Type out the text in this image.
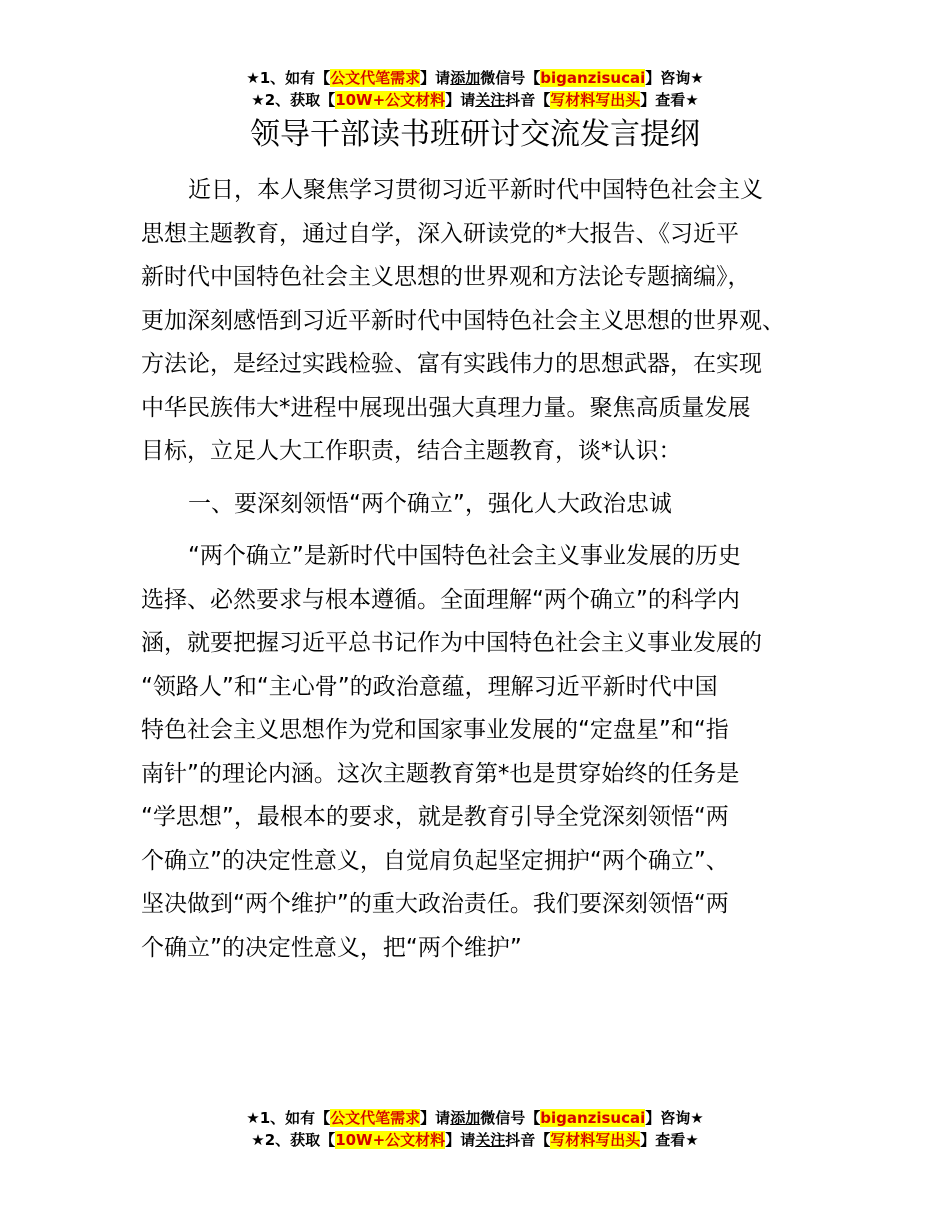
★1、如有【公文代笔需求】请添加微信号【biganzisucai】咨询★
★2、获取【10W+公文材料】请关注抖音【写材料写出头】查看★
领导干部读书班研讨交流发言提纲
近日，本人聚焦学习贯彻习近平新时代中国特色社会主义
思想主题教育，通过自学，深入研读党的*大报告、《习近平
新时代中国特色社会主义思想的世界观和方法论专题摘编》，
更加深刻感悟到习近平新时代中国特色社会主义思想的世界观、
方法论，是经过实践检验、富有实践伟力的思想武器，在实现
中华民族伟大*进程中展现出强大真理力量。聚焦高质量发展
目标，立足人大工作职责，结合主题教育，谈*认识：
一、要深刻领悟“两个确立”，强化人大政治忠诚
“两个确立”是新时代中国特色社会主义事业发展的历史
选择、必然要求与根本遵循。全面理解“两个确立”的科学内
涵，就要把握习近平总书记作为中国特色社会主义事业发展的
“领路人”和“主心骨”的政治意蕴，理解习近平新时代中国
特色社会主义思想作为党和国家事业发展的“定盘星”和“指
南针”的理论内涵。这次主题教育第*也是贯穿始终的任务是
“学思想”，最根本的要求，就是教育引导全党深刻领悟“两
个确立”的决定性意义，自觉肩负起坚定拥护“两个确立”、
坚决做到“两个维护”的重大政治责任。我们要深刻领悟“两
个确立”的决定性意义，把“两个维护”
★1、如有【公文代笔需求】请添加微信号【biganzisucai】咨询★
★2、获取【10W+公文材料】请关注抖音【写材料写出头】查看★
